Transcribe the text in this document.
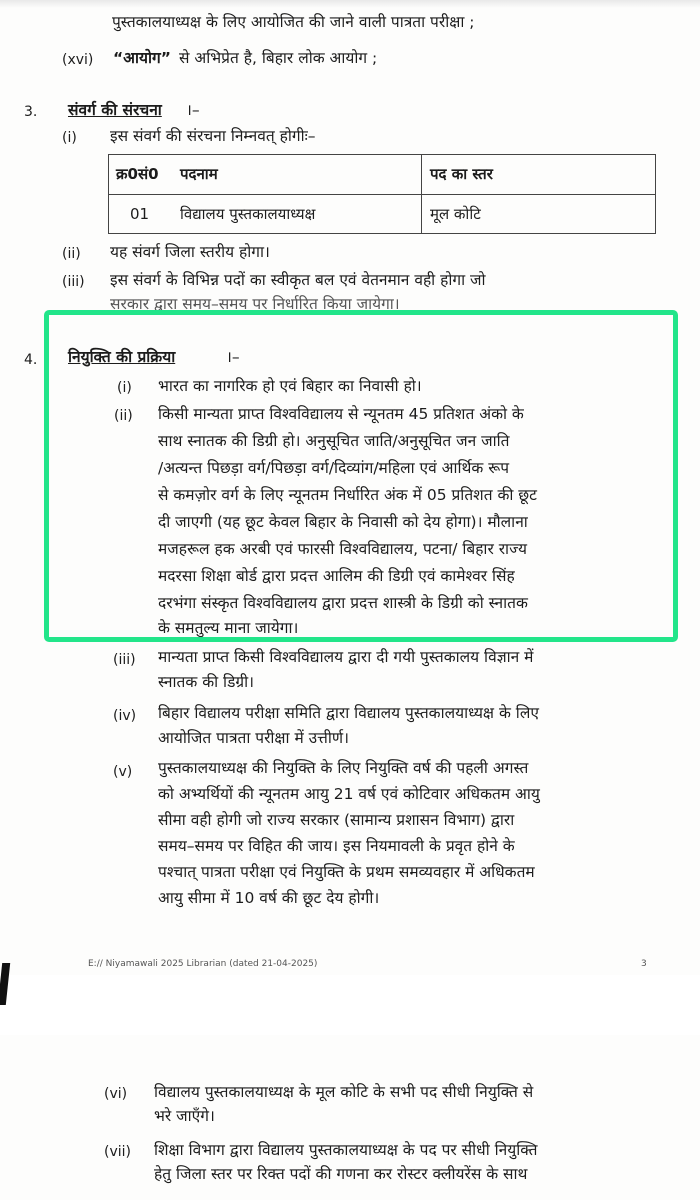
पुस्तकालयाध्यक्ष के लिए आयोजित की जाने वाली पात्रता परीक्षा ;
(xvi) “आयोग” से अभिप्रेत है, बिहार लोक आयोग ;
3. संवर्ग की संरचना ।–
(i) इस संवर्ग की संरचना निम्नवत् होगीः–
क्र0सं0 पदनाम	पद का स्तर
01 विद्यालय पुस्तकालयाध्यक्ष	मूल कोटि
(ii) यह संवर्ग जिला स्तरीय होगा।
(iii) इस संवर्ग के विभिन्न पदों का स्वीकृत बल एवं वेतनमान वही होगा जो
सरकार द्वारा समय–समय पर निर्धारित किया जायेगा।
4. नियुक्ति की प्रक्रिया	।–
(i) भारत का नागरिक हो एवं बिहार का निवासी हो।
(ii) किसी मान्यता प्राप्त विश्वविद्यालय से न्यूनतम 45 प्रतिशत अंको के
साथ स्नातक की डिग्री हो। अनुसूचित जाति/अनुसूचित जन जाति
/अत्यन्त पिछड़ा वर्ग/पिछड़ा वर्ग/दिव्यांग/महिला एवं आर्थिक रूप
से कमज़ोर वर्ग के लिए न्यूनतम निर्धारित अंक में 05 प्रतिशत की छूट
दी जाएगी (यह छूट केवल बिहार के निवासी को देय होगा)। मौलाना
मजहरूल हक अरबी एवं फारसी विश्वविद्यालय, पटना/ बिहार राज्य
मदरसा शिक्षा बोर्ड द्वारा प्रदत्त आलिम की डिग्री एवं कामेश्वर सिंह
दरभंगा संस्कृत विश्वविद्यालय द्वारा प्रदत्त शास्त्री के डिग्री को स्नातक
के समतुल्य माना जायेगा।
(iii) मान्यता प्राप्त किसी विश्वविद्यालय द्वारा दी गयी पुस्तकालय विज्ञान में
स्नातक की डिग्री।
(iv) बिहार विद्यालय परीक्षा समिति द्वारा विद्यालय पुस्तकालयाध्यक्ष के लिए
आयोजित पात्रता परीक्षा में उत्तीर्ण।
(v) पुस्तकालयाध्यक्ष की नियुक्ति के लिए नियुक्ति वर्ष की पहली अगस्त
को अभ्यर्थियों की न्यूनतम आयु 21 वर्ष एवं कोटिवार अधिकतम आयु
सीमा वही होगी जो राज्य सरकार (सामान्य प्रशासन विभाग) द्वारा
समय–समय पर विहित की जाय। इस नियमावली के प्रवृत होने के
पश्चात् पात्रता परीक्षा एवं नियुक्ति के प्रथम समव्यवहार में अधिकतम
आयु सीमा में 10 वर्ष की छूट देय होगी।
E:// Niyamawali 2025 Librarian (dated 21-04-2025)	3
(vi) विद्यालय पुस्तकालयाध्यक्ष के मूल कोटि के सभी पद सीधी नियुक्ति से
भरे जाएँगे।
(vii) शिक्षा विभाग द्वारा विद्यालय पुस्तकालयाध्यक्ष के पद पर सीधी नियुक्ति
हेतु जिला स्तर पर रिक्त पदों की गणना कर रोस्टर क्लीयरेंस के साथ
